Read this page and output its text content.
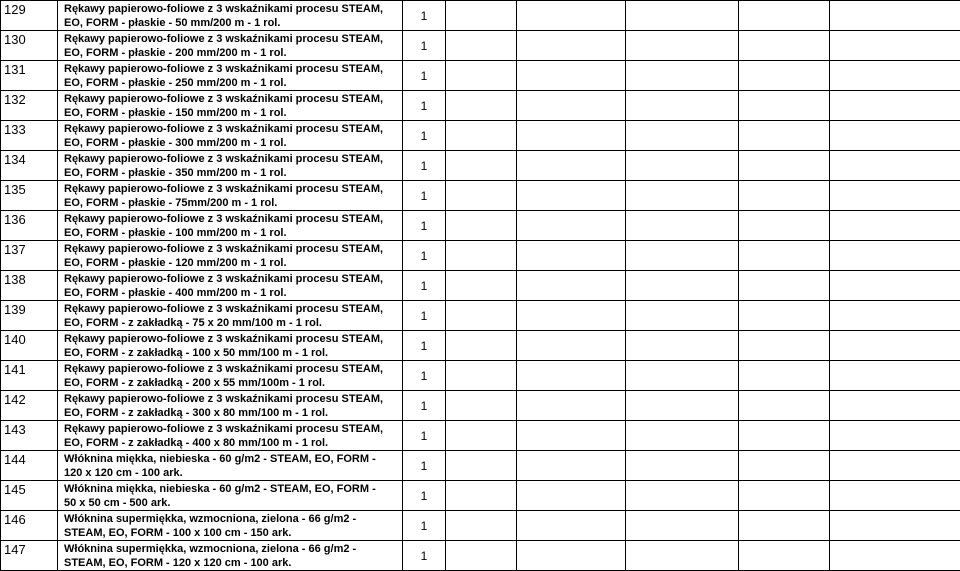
129	Rękawy papierowo-foliowe z 3 wskaźnikami procesu STEAM,
EO, FORM - płaskie - 50 mm/200 m - 1 rol.	1					
130	Rękawy papierowo-foliowe z 3 wskaźnikami procesu STEAM,
EO, FORM - płaskie - 200 mm/200 m - 1 rol.	1					
131	Rękawy papierowo-foliowe z 3 wskaźnikami procesu STEAM,
EO, FORM - płaskie - 250 mm/200 m - 1 rol.	1					
132	Rękawy papierowo-foliowe z 3 wskaźnikami procesu STEAM,
EO, FORM - płaskie - 150 mm/200 m - 1 rol.	1					
133	Rękawy papierowo-foliowe z 3 wskaźnikami procesu STEAM,
EO, FORM - płaskie - 300 mm/200 m - 1 rol.	1					
134	Rękawy papierowo-foliowe z 3 wskaźnikami procesu STEAM,
EO, FORM - płaskie - 350 mm/200 m - 1 rol.	1					
135	Rękawy papierowo-foliowe z 3 wskaźnikami procesu STEAM,
EO, FORM - płaskie - 75mm/200 m - 1 rol.	1					
136	Rękawy papierowo-foliowe z 3 wskaźnikami procesu STEAM,
EO, FORM - płaskie - 100 mm/200 m - 1 rol.	1					
137	Rękawy papierowo-foliowe z 3 wskaźnikami procesu STEAM,
EO, FORM - płaskie - 120 mm/200 m - 1 rol.	1					
138	Rękawy papierowo-foliowe z 3 wskaźnikami procesu STEAM,
EO, FORM - płaskie - 400 mm/200 m - 1 rol.	1					
139	Rękawy papierowo-foliowe z 3 wskaźnikami procesu STEAM,
EO, FORM - z zakładką - 75 x 20 mm/100 m - 1 rol.	1					
140	Rękawy papierowo-foliowe z 3 wskaźnikami procesu STEAM,
EO, FORM - z zakładką - 100 x 50 mm/100 m - 1 rol.	1					
141	Rękawy papierowo-foliowe z 3 wskaźnikami procesu STEAM,
EO, FORM - z zakładką - 200 x 55 mm/100m - 1 rol.	1					
142	Rękawy papierowo-foliowe z 3 wskaźnikami procesu STEAM,
EO, FORM - z zakładką - 300 x 80 mm/100 m - 1 rol.	1					
143	Rękawy papierowo-foliowe z 3 wskaźnikami procesu STEAM,
EO, FORM - z zakładką - 400 x 80 mm/100 m - 1 rol.	1					
144	Włóknina miękka, niebieska - 60 g/m2 - STEAM, EO, FORM -
120 x 120 cm - 100 ark.	1					
145	Włóknina miękka, niebieska - 60 g/m2 - STEAM, EO, FORM -
50 x 50 cm - 500 ark.	1					
146	Włóknina supermiękka, wzmocniona, zielona - 66 g/m2 -
STEAM, EO, FORM - 100 x 100 cm - 150 ark.	1					
147	Włóknina supermiękka, wzmocniona, zielona - 66 g/m2 -
STEAM, EO, FORM - 120 x 120 cm - 100 ark.	1					
